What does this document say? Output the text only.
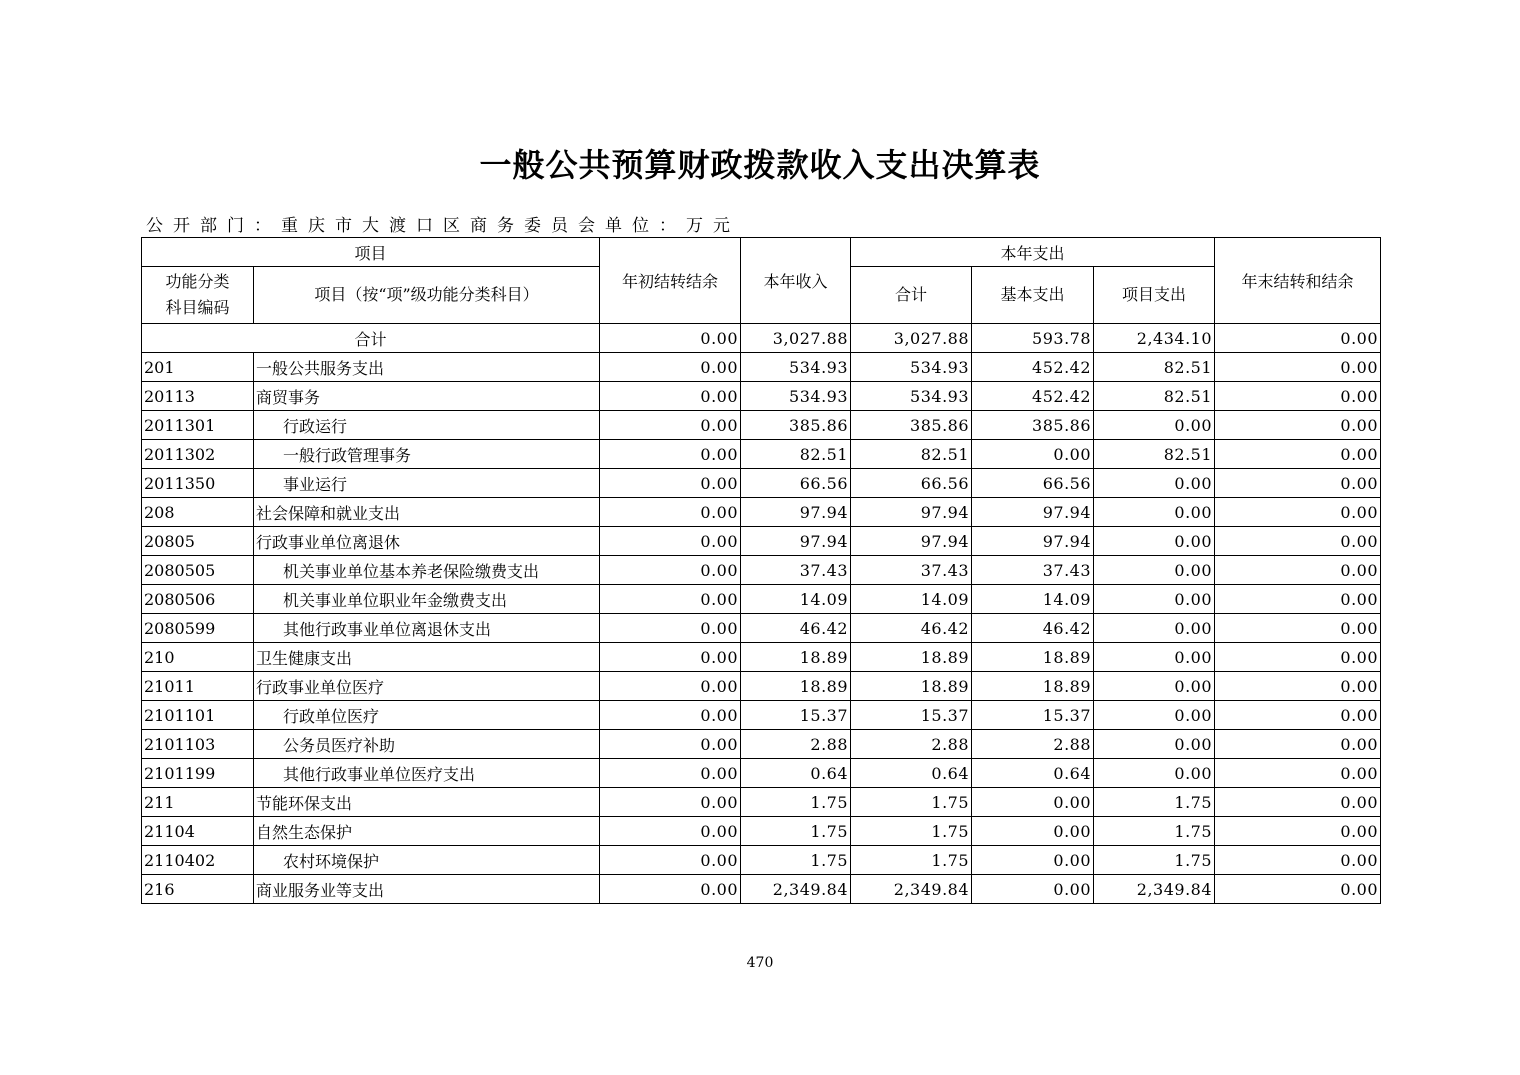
一般公共预算财政拨款收入支出决算表
公开部门：重庆市大渡口区商务委员会单位：万元
项目		年初结转结余	本年收入	本年支出			年末结转和结余

功能分类
科目编码	项目（按“项”级功能分类科目）			合计	基本支出	项目支出	
合计		0.00	3,027.88	3,027.88	593.78	2,434.10	0.00
201	一般公共服务支出	0.00	534.93	534.93	452.42	82.51	0.00
20113	商贸事务	0.00	534.93	534.93	452.42	82.51	0.00
2011301	行政运行	0.00	385.86	385.86	385.86	0.00	0.00
2011302	一般行政管理事务	0.00	82.51	82.51	0.00	82.51	0.00
2011350	事业运行	0.00	66.56	66.56	66.56	0.00	0.00
208	社会保障和就业支出	0.00	97.94	97.94	97.94	0.00	0.00
20805	行政事业单位离退休	0.00	97.94	97.94	97.94	0.00	0.00
2080505	机关事业单位基本养老保险缴费支出	0.00	37.43	37.43	37.43	0.00	0.00
2080506	机关事业单位职业年金缴费支出	0.00	14.09	14.09	14.09	0.00	0.00
2080599	其他行政事业单位离退休支出	0.00	46.42	46.42	46.42	0.00	0.00
210	卫生健康支出	0.00	18.89	18.89	18.89	0.00	0.00
21011	行政事业单位医疗	0.00	18.89	18.89	18.89	0.00	0.00
2101101	行政单位医疗	0.00	15.37	15.37	15.37	0.00	0.00
2101103	公务员医疗补助	0.00	2.88	2.88	2.88	0.00	0.00
2101199	其他行政事业单位医疗支出	0.00	0.64	0.64	0.64	0.00	0.00
211	节能环保支出	0.00	1.75	1.75	0.00	1.75	0.00
21104	自然生态保护	0.00	1.75	1.75	0.00	1.75	0.00
2110402	农村环境保护	0.00	1.75	1.75	0.00	1.75	0.00
216	商业服务业等支出	0.00	2,349.84	2,349.84	0.00	2,349.84	0.00
470
